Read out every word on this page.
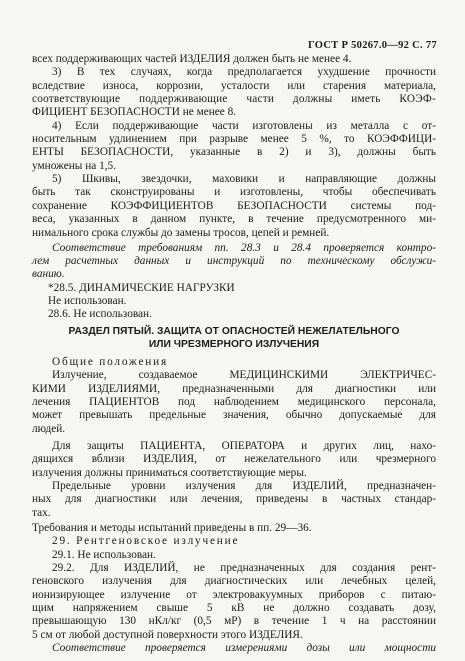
ГОСТ Р 50267.0—92 С. 77
всех поддерживающих частей ИЗДЕЛИЯ должен быть не менее 4.
3) В тех случаях, когда предполагается ухудшение прочности
вследствие износа, коррозии, усталости или старения материала,
соответствующие поддерживающие части должны иметь КОЭФ-
ФИЦИЕНТ БЕЗОПАСНОСТИ не менее 8.
4) Если поддерживающие части изготовлены из металла с от-
носительным удлинением при разрыве менее 5 %, то КОЭФФИЦИ-
ЕНТЫ БЕЗОПАСНОСТИ, указанные в 2) и 3), должны быть
умножены на 1,5.
5) Шкивы, звездочки, маховики и направляющие должны
быть так сконструированы и изготовлены, чтобы обеспечивать
сохранение КОЭФФИЦИЕНТОВ БЕЗОПАСНОСТИ системы под-
веса, указанных в данном пункте, в течение предусмотренного ми-
нимального срока службы до замены тросов, цепей и ремней.
Соответствие требованиям пп. 28.3 и 28.4 проверяется контро-
лем расчетных данных и инструкций по техническому обслужи-
ванию.
*28.5. ДИНАМИЧЕСКИЕ НАГРУЗКИ
Не использован.
28.6. Не использован.
РАЗДЕЛ ПЯТЫЙ. ЗАЩИТА ОТ ОПАСНОСТЕЙ НЕЖЕЛАТЕЛЬНОГО
ИЛИ ЧРЕЗМЕРНОГО ИЗЛУЧЕНИЯ
Общие положения
Излучение, создаваемое МЕДИЦИНСКИМИ ЭЛЕКТРИЧЕС-
КИМИ ИЗДЕЛИЯМИ, предназначенными для диагностики или
лечения ПАЦИЕНТОВ под наблюдением медицинского персонала,
может превышать предельные значения, обычно допускаемые для
людей.
Для защиты ПАЦИЕНТА, ОПЕРАТОРА и других лиц, нахо-
дящихся вблизи ИЗДЕЛИЯ, от нежелательного или чрезмерного
излучения должны приниматься соответствующие меры.
Предельные уровни излучения для ИЗДЕЛИЙ, предназначен-
ных для диагностики или лечения, приведены в частных стандар-
тах.
Требования и методы испытаний приведены в пп. 29—36.
29. Рентгеновское излучение
29.1. Не использован.
29.2. Для ИЗДЕЛИЙ, не предназначенных для создания рент-
геновского излучения для диагностических или лечебных целей,
ионизирующее излучение от электровакуумных приборов с питаю-
щим напряжением свыше 5 кВ не должно создавать дозу,
превышающую 130 нКл/кг (0,5 мР) в течение 1 ч на расстоянии
5 см от любой доступной поверхности этого ИЗДЕЛИЯ.
Соответствие проверяется измерениями дозы или мощности
